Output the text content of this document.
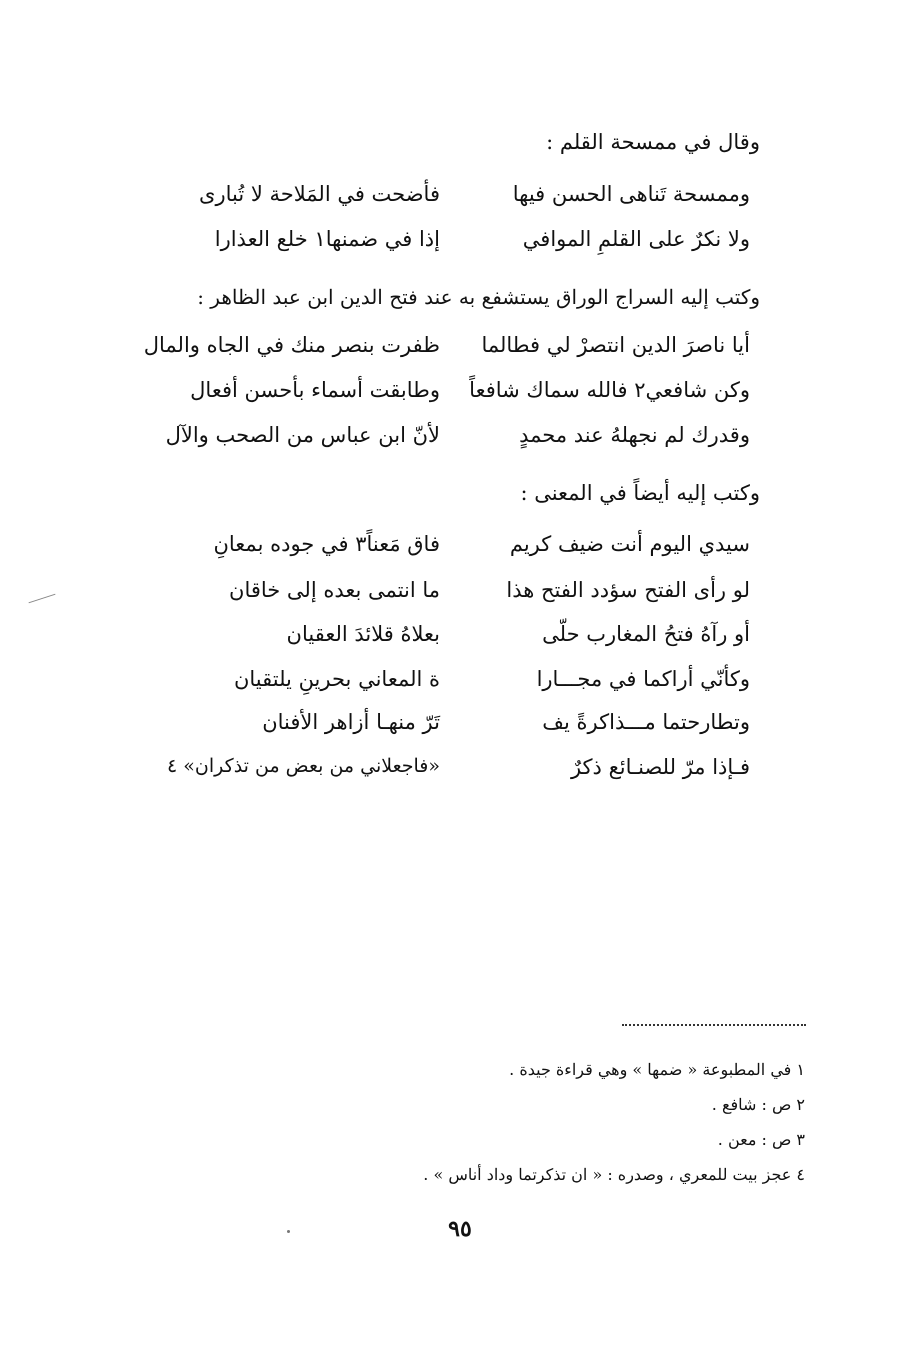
وقال في ممسحة القلم :
وممسحة تَناهى الحسن فيها
فأضحت في المَلاحة لا تُبارى
ولا نكرٌ على القلمِ الموافي
إذا في ضمنها١ خلع العذارا
وكتب إليه السراج الوراق يستشفع به عند فتح الدين ابن عبد الظاهر :
أيا ناصرَ الدين انتصرْ لي فطالما
ظفرت بنصر منك في الجاه والمال
وكن شافعي٢ فالله سماك شافعاً
وطابقت أسماء بأحسن أفعال
وقدرك لم نجهلهُ عند محمدٍ
لأنّ ابن عباس من الصحب والآل
وكتب إليه أيضاً في المعنى :
سيدي اليوم أنت ضيف كريم
فاق مَعناً٣ في جوده بمعانِ
لو رأى الفتح سؤدد الفتح هذا
ما انتمى بعده إلى خاقان
أو رآهُ فتحُ المغارب حلّى
بعلاهُ قلائدَ العقيان
وكأنّي أراكما في مجـــارا
ة المعاني بحرينِ يلتقيان
وتطارحتما مـــذاكرةً يف
تَرّ منهـا أزاهر الأفنان
فـإذا مرّ للصنـائع ذكرٌ
«فاجعلاني من بعض من تذكران» ٤
١ في المطبوعة « ضمها » وهي قراءة جيدة .
٢ ص : شافع .
٣ ص : معن .
٤ عجز بيت للمعري ، وصدره : « ان تذكرتما وداد أناس » .
٩٥
